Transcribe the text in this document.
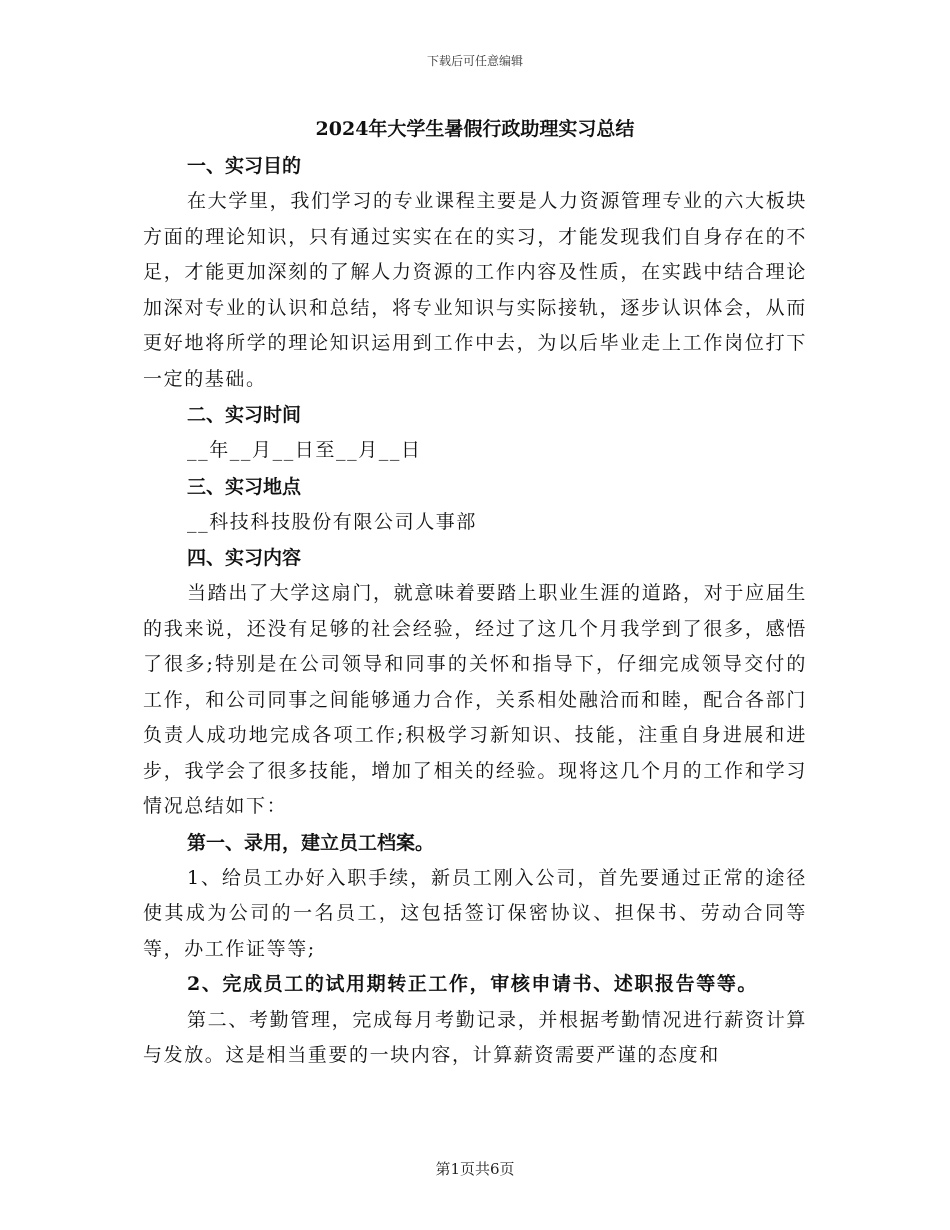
下载后可任意编辑
2024年大学生暑假行政助理实习总结

一、实习目的

在大学里，我们学习的专业课程主要是人力资源管理专业的六大板块方面的理论知识，只有通过实实在在的实习，才能发现我们自身存在的不足，才能更加深刻的了解人力资源的工作内容及性质，在实践中结合理论加深对专业的认识和总结，将专业知识与实际接轨，逐步认识体会，从而更好地将所学的理论知识运用到工作中去，为以后毕业走上工作岗位打下一定的基础。

二、实习时间

__年__月__日至__月__日

三、实习地点

__科技科技股份有限公司人事部

四、实习内容

当踏出了大学这扇门，就意味着要踏上职业生涯的道路，对于应届生的我来说，还没有足够的社会经验，经过了这几个月我学到了很多，感悟了很多;特别是在公司领导和同事的关怀和指导下，仔细完成领导交付的工作，和公司同事之间能够通力合作，关系相处融洽而和睦，配合各部门负责人成功地完成各项工作;积极学习新知识、技能，注重自身进展和进步，我学会了很多技能，增加了相关的经验。现将这几个月的工作和学习情况总结如下：

第一、录用，建立员工档案。

1、给员工办好入职手续，新员工刚入公司，首先要通过正常的途径使其成为公司的一名员工，这包括签订保密协议、担保书、劳动合同等等，办工作证等等;

2、完成员工的试用期转正工作，审核申请书、述职报告等等。

第二、考勤管理，完成每月考勤记录，并根据考勤情况进行薪资计算与发放。这是相当重要的一块内容，计算薪资需要严谨的态度和

第1页共6页
